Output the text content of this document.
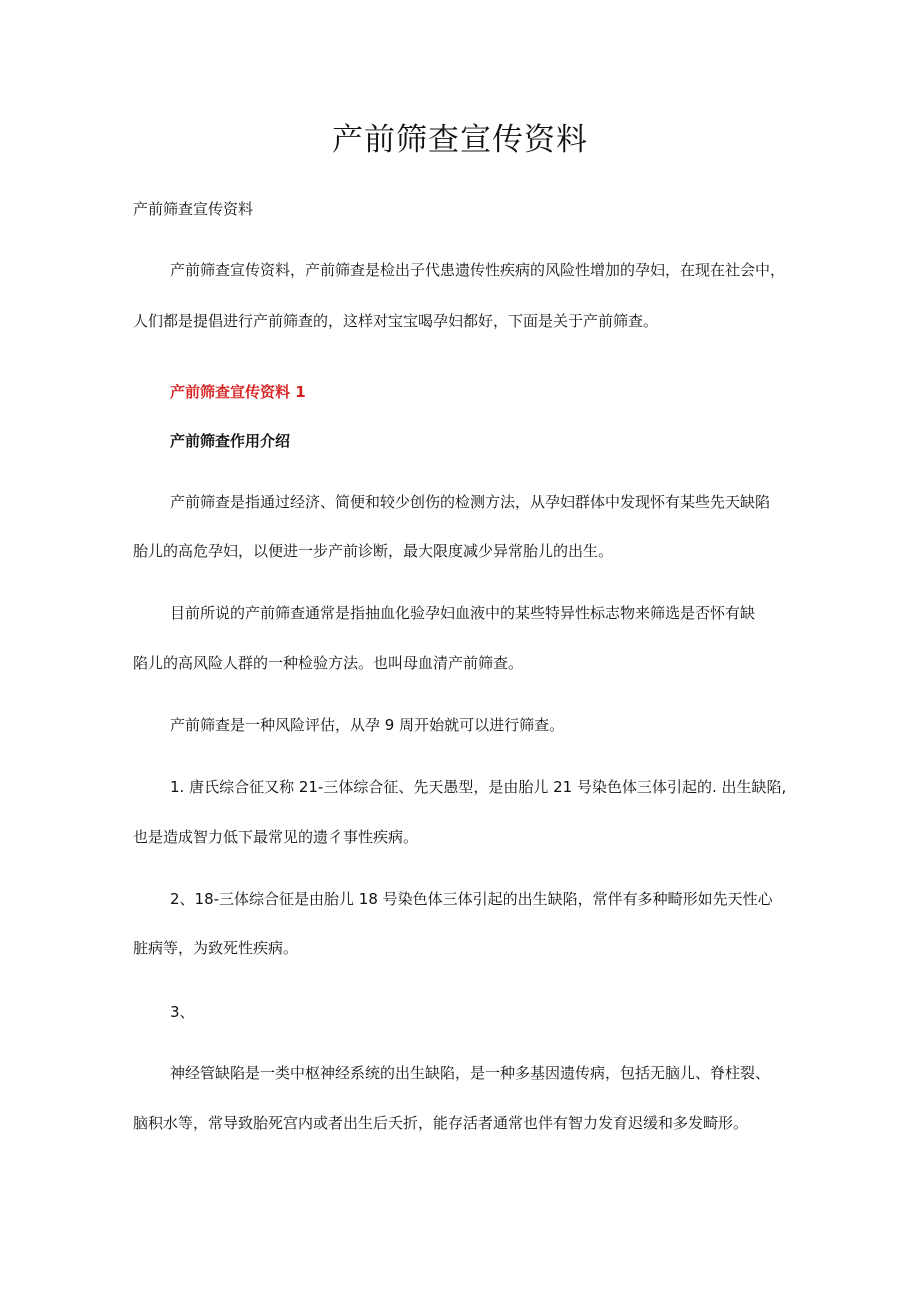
产前筛查宣传资料

产前筛查宣传资料

产前筛查宣传资料，产前筛查是检出子代患遗传性疾病的风险性增加的孕妇，在现在社会中，

人们都是提倡进行产前筛查的，这样对宝宝喝孕妇都好，下面是关于产前筛查。

产前筛查宣传资料 1

产前筛查作用介绍

产前筛查是指通过经济、简便和较少创伤的检测方法，从孕妇群体中发现怀有某些先天缺陷

胎儿的高危孕妇，以便进一步产前诊断，最大限度减少异常胎儿的出生。

目前所说的产前筛查通常是指抽血化验孕妇血液中的某些特异性标志物来筛选是否怀有缺

陷儿的高风险人群的一种检验方法。也叫母血清产前筛查。

产前筛查是一种风险评估，从孕 9 周开始就可以进行筛查。

1. 唐氏综合征又称 21-三体综合征、先天愚型，是由胎儿 21 号染色体三体引起的. 出生缺陷,

也是造成智力低下最常见的遗彳事性疾病。

2、18-三体综合征是由胎儿 18 号染色体三体引起的出生缺陷，常伴有多种畸形如先天性心

脏病等，为致死性疾病。

3、

神经管缺陷是一类中枢神经系统的出生缺陷，是一种多基因遗传病，包括无脑儿、脊柱裂、

脑积水等，常导致胎死宫内或者出生后夭折，能存活者通常也伴有智力发育迟缓和多发畸形。
